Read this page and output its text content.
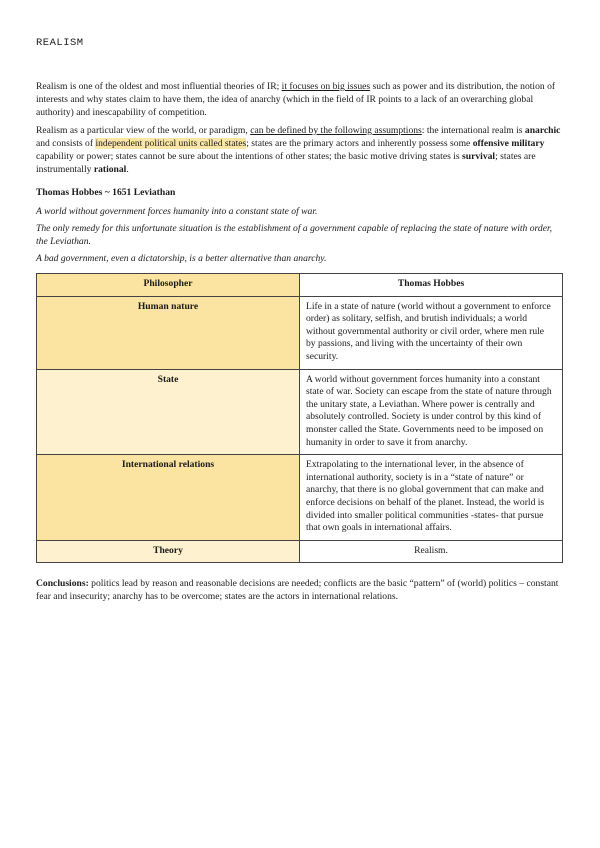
REALISM

Realism is one of the oldest and most influential theories of IR; it focuses on big issues such as power and its distribution, the notion of interests and why states claim to have them, the idea of anarchy (which in the field of IR points to a lack of an overarching global authority) and inescapability of competition.

Realism as a particular view of the world, or paradigm, can be defined by the following assumptions: the international realm is anarchic and consists of independent political units called states; states are the primary actors and inherently possess some offensive military capability or power; states cannot be sure about the intentions of other states; the basic motive driving states is survival; states are instrumentally rational.

Thomas Hobbes ~ 1651 Leviathan

A world without government forces humanity into a constant state of war.

The only remedy for this unfortunate situation is the establishment of a government capable of replacing the state of nature with order, the Leviathan.

A bad government, even a dictatorship, is a better alternative than anarchy.

Philosopher	Thomas Hobbes
Human nature	Life in a state of nature (world without a government to enforce order) as solitary, selfish, and brutish individuals; a world without governmental authority or civil order, where men rule by passions, and living with the uncertainty of their own security.
State	A world without government forces humanity into a constant state of war. Society can escape from the state of nature through the unitary state, a Leviathan. Where power is centrally and absolutely controlled. Society is under control by this kind of monster called the State. Governments need to be imposed on humanity in order to save it from anarchy.
International relations	Extrapolating to the international lever, in the absence of international authority, society is in a “state of nature” or anarchy, that there is no global government that can make and enforce decisions on behalf of the planet. Instead, the world is divided into smaller political communities -states- that pursue that own goals in international affairs.
Theory	Realism.

Conclusions: politics lead by reason and reasonable decisions are needed; conflicts are the basic “pattern” of (world) politics – constant fear and insecurity; anarchy has to be overcome; states are the actors in international relations.
